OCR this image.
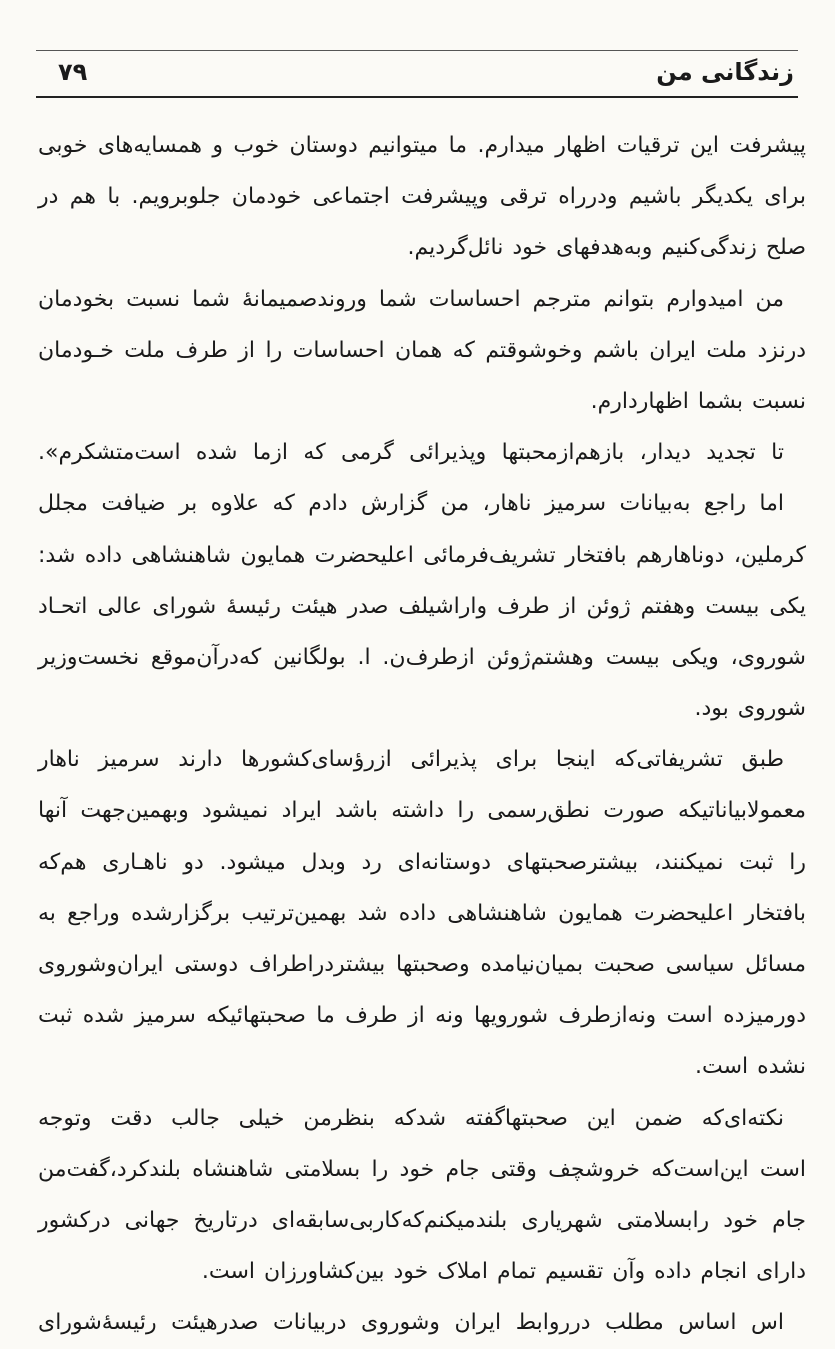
زندگانی من
۷۹
پیشرفت این ترقیات اظهار میدارم. ما میتوانیم دوستان خوب و همسایه‌های خوبی
برای یکدیگر باشیم ودرراه ترقی وپیشرفت اجتماعی خودمان جلوبرویم. با هم در
صلح زندگی‌کنیم وبه‌هدفهای خود نائل‌گردیم.
من امیدوارم بتوانم مترجم احساسات شما وروندصمیمانهٔ شما نسبت بخودمان
درنزد ملت ایران باشم وخوشوقتم که همان احساسات را از طرف ملت خـودمان
نسبت بشما اظهاردارم.
تا تجدید دیدار، بازهم‌ازمحبتها وپذیرائی گرمی که ازما شده است‌متشکرم».
اما راجع به‌بیانات سرمیز ناهار، من گزارش دادم که علاوه بر ضیافت مجلل
کرملین، دوناهارهم بافتخار تشریف‌فرمائی اعلیحضرت همایون شاهنشاهی داده شد:
یکی بیست وهفتم ژوئن از طرف واراشیلف صدر هیئت رئیسهٔ شورای عالی اتحـاد
شوروی، ویکی بیست وهشتم‌ژوئن ازطرف‌ن. ا. بولگانین که‌درآن‌موقع نخست‌وزیر
شوروی بود.
طبق تشریفاتی‌که اینجا برای پذیرائی ازرؤسای‌کشورها دارند سرمیز ناهار
معمولا‌بیاناتیکه صورت نطق‌رسمی را داشته باشد ایراد نمیشود وبهمین‌جهت آنها
را ثبت نمیکنند، بیشترصحبتهای دوستانه‌ای رد وبدل میشود. دو ناهـاری هم‌که
بافتخار اعلیحضرت همایون شاهنشاهی داده شد بهمین‌ترتیب برگزارشده وراجع به
مسائل سیاسی صحبت بمیان‌نیامده وصحبتها بیشتردراطراف دوستی ایران‌وشوروی
دورمیزده است ونه‌ازطرف شورویها ونه از طرف ما صحبتهائیکه سرمیز شده ثبت
نشده است.
نکته‌ای‌که ضمن این صحبتهاگفته شدکه بنظرمن خیلی جالب دقت وتوجه
است این‌است‌که خروشچف وقتی جام خود را بسلامتی شاهنشاه بلندکرد،گفت‌من
جام خود رابسلامتی شهریاری بلندمیکنم‌که‌کاربی‌سابقه‌ای درتاریخ جهانی درکشور
دارای انجام داده وآن تقسیم تمام املاک خود بین‌کشاورزان است.
اس اساس مطلب درروابط ایران وشوروی دربیانات صدرهیئت رئیسهٔ‌شورای
